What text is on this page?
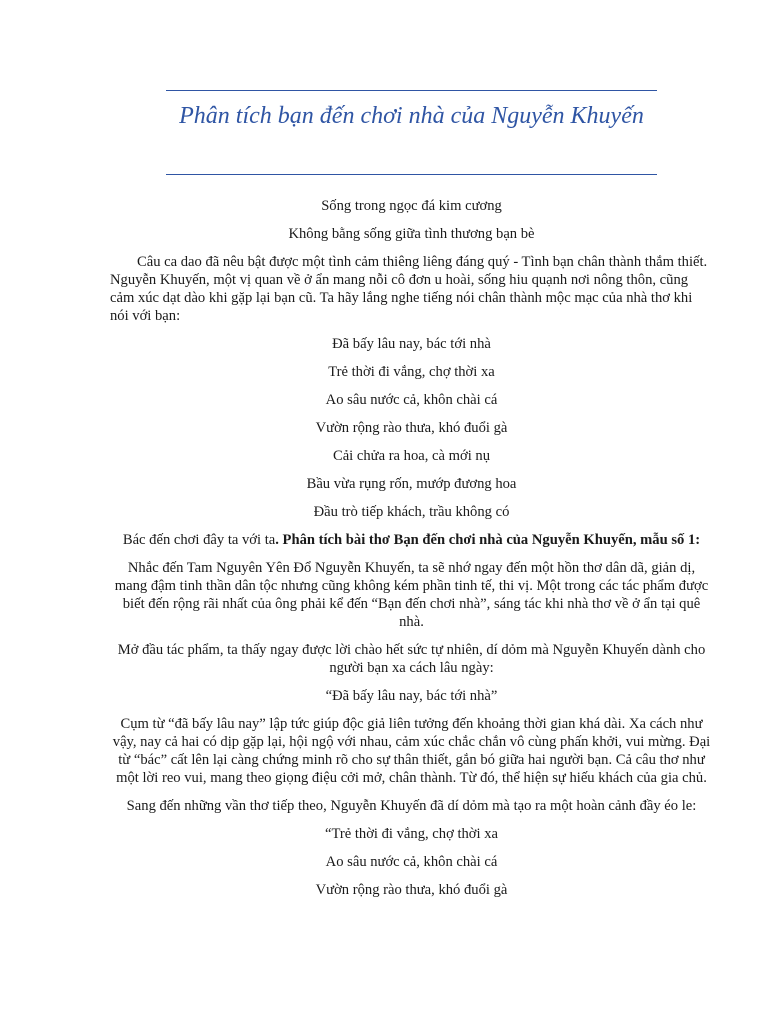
Phân tích bạn đến chơi nhà của Nguyễn Khuyến

Sống trong ngọc đá kim cương

Không bằng sống giữa tình thương bạn bè

Câu ca dao đã nêu bật được một tình cảm thiêng liêng đáng quý - Tình bạn chân thành thắm thiết. Nguyễn Khuyến, một vị quan về ở ẩn mang nỗi cô đơn u hoài, sống hiu quạnh nơi nông thôn, cũng cảm xúc dạt dào khi gặp lại bạn cũ. Ta hãy lắng nghe tiếng nói chân thành mộc mạc của nhà thơ khi nói với bạn:

Đã bấy lâu nay, bác tới nhà

Trẻ thời đi vắng, chợ thời xa

Ao sâu nước cả, khôn chài cá

Vườn rộng rào thưa, khó đuổi gà

Cải chửa ra hoa, cà mới nụ

Bầu vừa rụng rốn, mướp đương hoa

Đầu trò tiếp khách, trầu không có

Bác đến chơi đây ta với ta. Phân tích bài thơ Bạn đến chơi nhà của Nguyễn Khuyến, mẫu số 1:

Nhắc đến Tam Nguyên Yên Đổ Nguyễn Khuyến, ta sẽ nhớ ngay đến một hồn thơ dân dã, giản dị, mang đậm tinh thần dân tộc nhưng cũng không kém phần tinh tế, thi vị. Một trong các tác phẩm được biết đến rộng rãi nhất của ông phải kể đến “Bạn đến chơi nhà”, sáng tác khi nhà thơ về ở ẩn tại quê nhà.

Mở đầu tác phẩm, ta thấy ngay được lời chào hết sức tự nhiên, dí dỏm mà Nguyễn Khuyến dành cho người bạn xa cách lâu ngày:

“Đã bấy lâu nay, bác tới nhà”

Cụm từ “đã bấy lâu nay” lập tức giúp độc giả liên tưởng đến khoảng thời gian khá dài. Xa cách như vậy, nay cả hai có dịp gặp lại, hội ngộ với nhau, cảm xúc chắc chắn vô cùng phấn khởi, vui mừng. Đại từ “bác” cất lên lại càng chứng minh rõ cho sự thân thiết, gắn bó giữa hai người bạn. Cả câu thơ như một lời reo vui, mang theo giọng điệu cởi mở, chân thành. Từ đó, thể hiện sự hiếu khách của gia chủ.

Sang đến những vần thơ tiếp theo, Nguyễn Khuyến đã dí dỏm mà tạo ra một hoàn cảnh đầy éo le:

“Trẻ thời đi vắng, chợ thời xa

Ao sâu nước cả, khôn chài cá

Vườn rộng rào thưa, khó đuổi gà
